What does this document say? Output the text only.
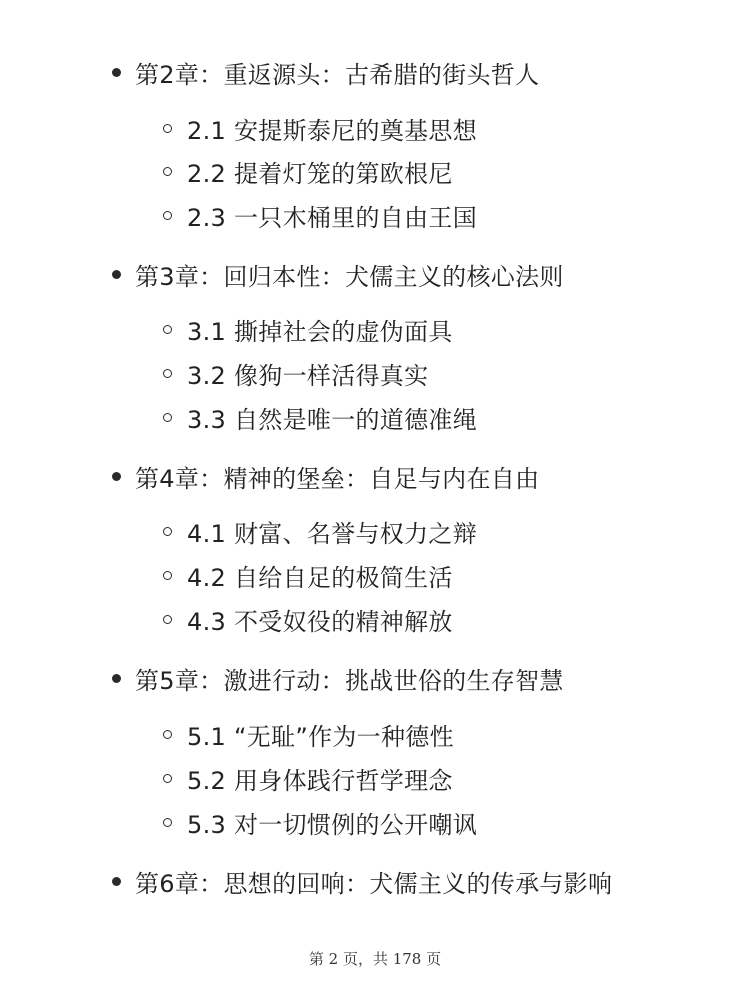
第2章：重返源头：古希腊的街头哲人
2.1 安提斯泰尼的奠基思想
2.2 提着灯笼的第欧根尼
2.3 一只木桶里的自由王国
第3章：回归本性：犬儒主义的核心法则
3.1 撕掉社会的虚伪面具
3.2 像狗一样活得真实
3.3 自然是唯一的道德准绳
第4章：精神的堡垒：自足与内在自由
4.1 财富、名誉与权力之辩
4.2 自给自足的极简生活
4.3 不受奴役的精神解放
第5章：激进行动：挑战世俗的生存智慧
5.1 “无耻”作为一种德性
5.2 用身体践行哲学理念
5.3 对一切惯例的公开嘲讽
第6章：思想的回响：犬儒主义的传承与影响
第 2 页，共 178 页
